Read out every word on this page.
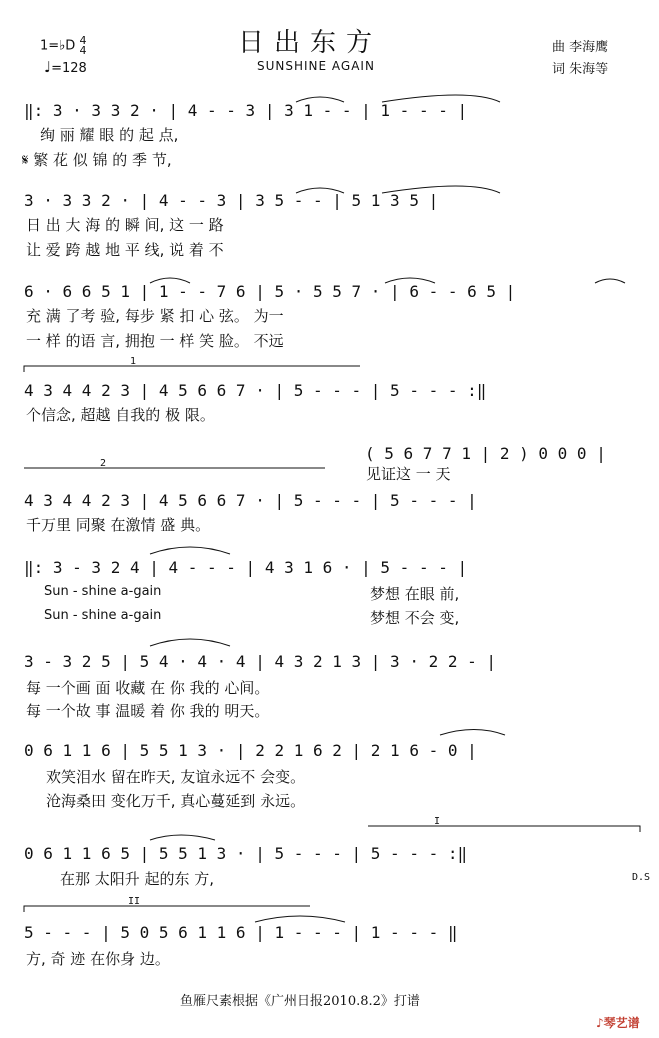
1=♭D 4
4
♩=128
日出东方
SUNSHINE AGAIN
曲 李海鹰
词 朱海等
‖: 3 · 3 3 2 · | 4 - - 3 | 3 1 - - | 1 - - - |
3 · 3 3 2 · | 4 - - 3 | 3 5 - - | 5 1 3 5 |
6 · 6 6 5 1 | 1 - - 7 6 | 5 · 5 5 7 · | 6 - - 6 5 |
4 3 4 4 2 3 | 4 5 6 6 7 · | 5 - - - | 5 - - - :‖
4 3 4 4 2 3 | 4 5 6 6 7 · | 5 - - - | 5 - - - |
‖: 3 - 3 2 4 | 4 - - - | 4 3 1 6 · | 5 - - - |
3 - 3 2 5 | 5 4 · 4 · 4 | 4 3 2 1 3 | 3 · 2 2 - |
0 6 1 1 6 | 5 5 1 3 · | 2 2 1 6 2 | 2 1 6 - 0 |
0 6 1 1 6 5 | 5 5 1 3 · | 5 - - - | 5 - - - :‖
5 - - - | 5 0 5 6 1 1 6 | 1 - - - | 1 - - - ‖
( 5 6 7 7 1 | 2 ) 0 0 0 |
1
2
I
II
D.S
绚 丽 耀 眼 的 起 点,
𝄋 繁 花 似 锦 的 季 节,
日 出 大 海 的 瞬 间, 这 一 路
让 爱 跨 越 地 平 线, 说 着 不
充 满 了考 验, 每步 紧 扣 心 弦。 为一
一 样 的语 言, 拥抱 一 样 笑 脸。 不远
个信念, 超越 自我的 极 限。
见证这 一 天
千万里 同聚 在激情 盛 典。
Sun - shine a-gain
Sun - shine a-gain
梦想 在眼 前,
梦想 不会 变,
每 一个画 面 收藏 在 你 我的 心间。
每 一个故 事 温暖 着 你 我的 明天。
欢笑泪水 留在昨天, 友谊永远不 会变。
沧海桑田 变化万千, 真心蔓延到 永远。
在那 太阳升 起的东 方,
方, 奇 迹 在你身 边。
鱼雁尺素根据《广州日报2010.8.2》打谱
♪琴艺谱
